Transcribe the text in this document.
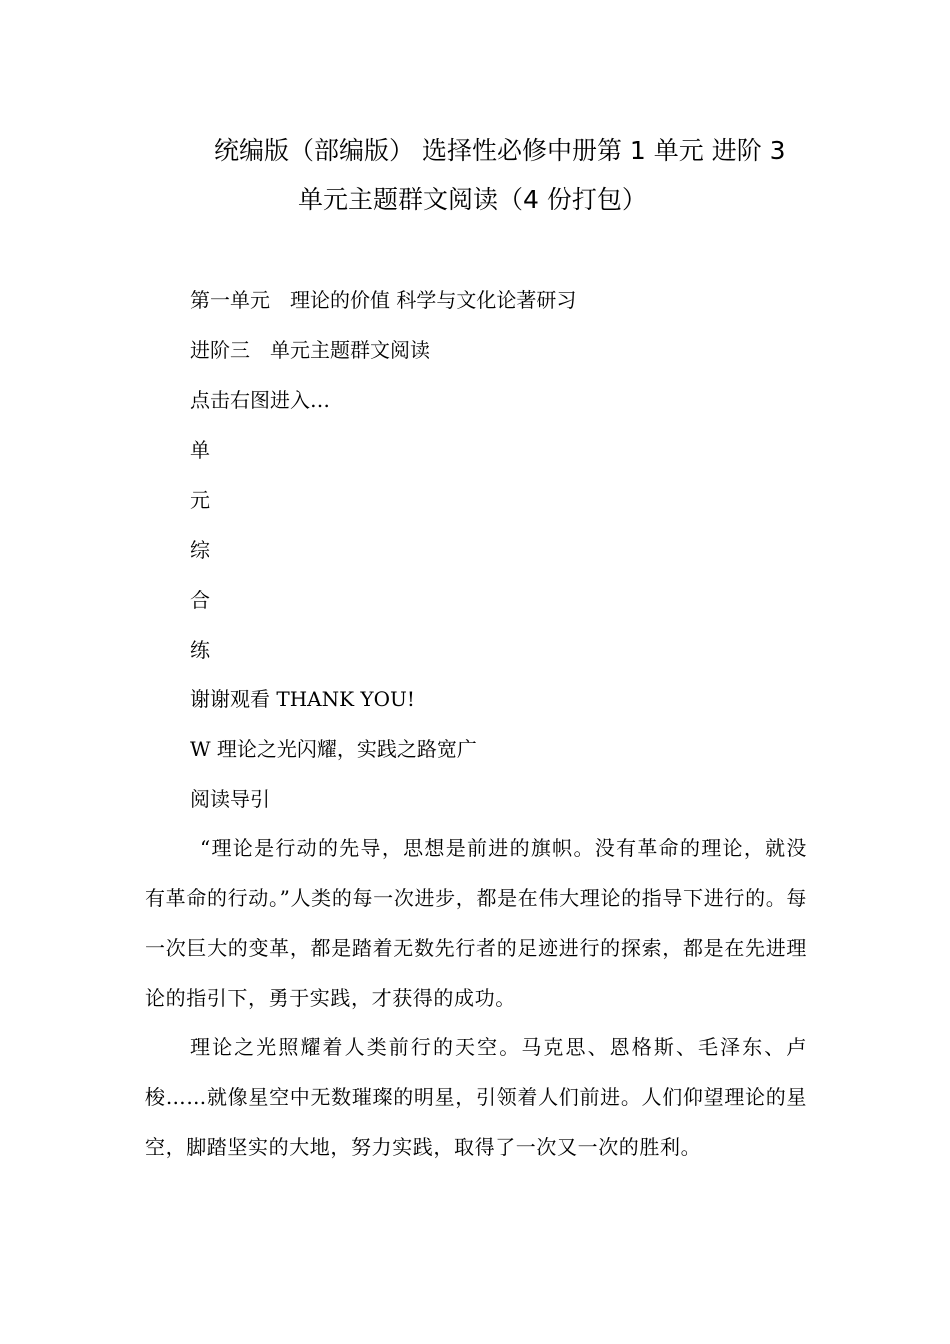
统编版（部编版） 选择性必修中册第 1 单元 进阶 3
单元主题群文阅读（4 份打包）
第一单元　理论的价值 科学与文化论著研习
进阶三　单元主题群文阅读
点击右图进入…
单
元
综
合
练
谢谢观看 THANK YOU!
W 理论之光闪耀，实践之路宽广
阅读导引
“理论是行动的先导，思想是前进的旗帜。没有革命的理论，就没有革命的行动。”人类的每一次进步，都是在伟大理论的指导下进行的。每一次巨大的变革，都是踏着无数先行者的足迹进行的探索，都是在先进理论的指引下，勇于实践，才获得的成功。
理论之光照耀着人类前行的天空。马克思、恩格斯、毛泽东、卢梭……就像星空中无数璀璨的明星，引领着人们前进。人们仰望理论的星空，脚踏坚实的大地，努力实践，取得了一次又一次的胜利。
